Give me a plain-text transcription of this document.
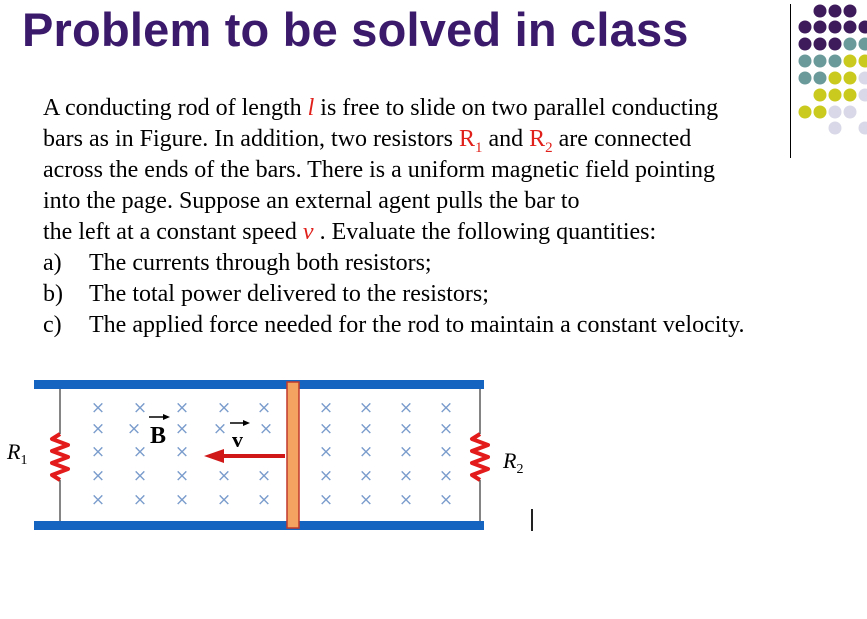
Problem to be solved in class
A conducting rod of length l is free to slide on two parallel conducting
bars as in Figure. In addition, two resistors $R_1$ and $R_2$ are connected
across the ends of the bars. There is a uniform magnetic field pointing
into the page. Suppose an external agent pulls the bar to
the left at a constant speed v . Evaluate the following quantities:
a) The currents through both resistors;
b) The total power delivered to the resistors;
c) The applied force needed for the rod to maintain a constant velocity.
× × × × ×	× × × ×
×	×	× × × ×
× × ×	× × × ×
× × × × ×	× × × ×
× × × × ×	× × × ×
×	× ×
B	v
$R_1$	$R_2$
